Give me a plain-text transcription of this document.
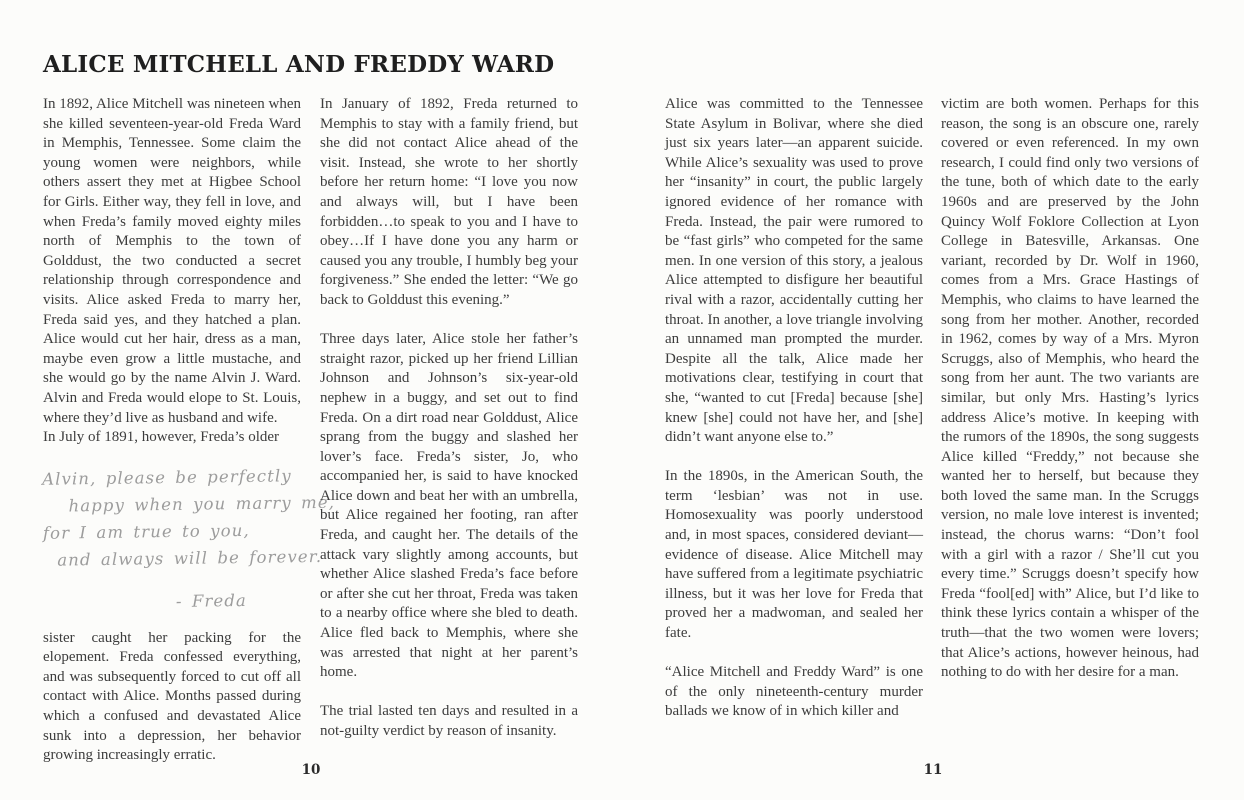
ALICE MITCHELL AND FREDDY WARD

In 1892, Alice Mitchell was nineteen when she killed seventeen-year-old Freda Ward in Memphis, Tennessee. Some claim the young women were neighbors, while others assert they met at Higbee School for Girls. Either way, they fell in love, and when Freda’s family moved eighty miles north of Memphis to the town of Golddust, the two conducted a secret relationship through correspondence and visits. Alice asked Freda to marry her, Freda said yes, and they hatched a plan. Alice would cut her hair, dress as a man, maybe even grow a little mustache, and she would go by the name Alvin J. Ward. Alvin and Freda would elope to St. Louis, where they’d live as husband and wife.

In July of 1891, however, Freda’s older

Alvin, please be perfectly
happy when you marry me,
for I am true to you,
and always will be forever.
- Freda

sister caught her packing for the elopement. Freda confessed everything, and was subsequently forced to cut off all contact with Alice. Months passed during which a confused and devastated Alice sunk into a depression, her behavior growing increasingly erratic.

In January of 1892, Freda returned to Memphis to stay with a family friend, but she did not contact Alice ahead of the visit. Instead, she wrote to her shortly before her return home: “I love you now and always will, but I have been forbidden…to speak to you and I have to obey…If I have done you any harm or caused you any trouble, I humbly beg your forgiveness.” She ended the letter: “We go back to Golddust this evening.”

Three days later, Alice stole her father’s straight razor, picked up her friend Lillian Johnson and Johnson’s six-year-old nephew in a buggy, and set out to find Freda. On a dirt road near Golddust, Alice sprang from the buggy and slashed her lover’s face. Freda’s sister, Jo, who accompanied her, is said to have knocked Alice down and beat her with an umbrella, but Alice regained her footing, ran after Freda, and caught her. The details of the attack vary slightly among accounts, but whether Alice slashed Freda’s face before or after she cut her throat, Freda was taken to a nearby office where she bled to death. Alice fled back to Memphis, where she was arrested that night at her parent’s home.

The trial lasted ten days and resulted in a not-guilty verdict by reason of insanity.

Alice was committed to the Tennessee State Asylum in Bolivar, where she died just six years later—an apparent suicide. While Alice’s sexuality was used to prove her “insanity” in court, the public largely ignored evidence of her romance with Freda. Instead, the pair were rumored to be “fast girls” who competed for the same men. In one version of this story, a jealous Alice attempted to disfigure her beautiful rival with a razor, accidentally cutting her throat. In another, a love triangle involving an unnamed man prompted the murder. Despite all the talk, Alice made her motivations clear, testifying in court that she, “wanted to cut [Freda] because [she] knew [she] could not have her, and [she] didn’t want anyone else to.”

In the 1890s, in the American South, the term ‘lesbian’ was not in use. Homosexuality was poorly understood and, in most spaces, considered deviant—evidence of disease. Alice Mitchell may have suffered from a legitimate psychiatric illness, but it was her love for Freda that proved her a madwoman, and sealed her fate.

“Alice Mitchell and Freddy Ward” is one of the only nineteenth-century murder ballads we know of in which killer and

victim are both women. Perhaps for this reason, the song is an obscure one, rarely covered or even referenced. In my own research, I could find only two versions of the tune, both of which date to the early 1960s and are preserved by the John Quincy Wolf Foklore Collection at Lyon College in Batesville, Arkansas. One variant, recorded by Dr. Wolf in 1960, comes from a Mrs. Grace Hastings of Memphis, who claims to have learned the song from her mother. Another, recorded in 1962, comes by way of a Mrs. Myron Scruggs, also of Memphis, who heard the song from her aunt. The two variants are similar, but only Mrs. Hasting’s lyrics address Alice’s motive. In keeping with the rumors of the 1890s, the song suggests Alice killed “Freddy,” not because she wanted her to herself, but because they both loved the same man. In the Scruggs version, no male love interest is invented; instead, the chorus warns: “Don’t fool with a girl with a razor / She’ll cut you every time.” Scruggs doesn’t specify how Freda “fool[ed] with” Alice, but I’d like to think these lyrics contain a whisper of the truth—that the two women were lovers; that Alice’s actions, however heinous, had nothing to do with her desire for a man.

10	11
